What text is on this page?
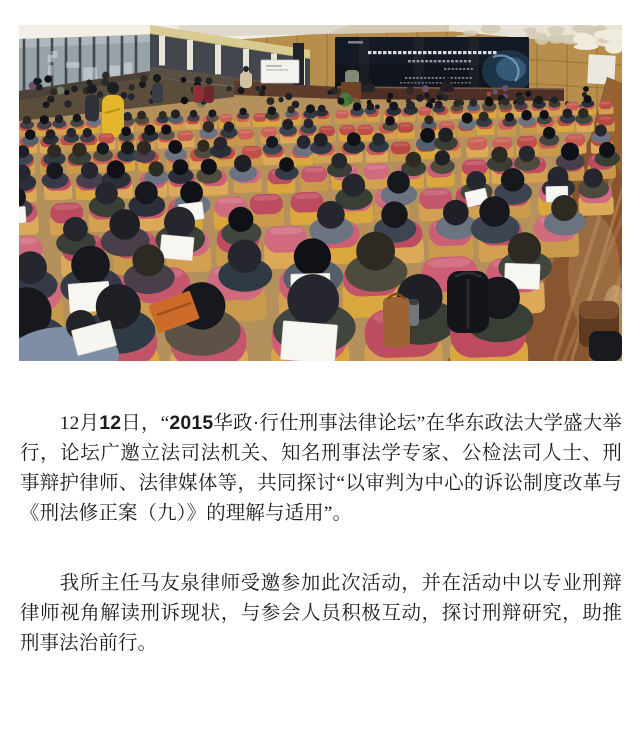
12月12日，“2015华政·行仕刑事法律论坛”在华东政法大学盛大举行，论坛广邀立法司法机关、知名刑事法学专家、公检法司人士、刑事辩护律师、法律媒体等，共同探讨“以审判为中心的诉讼制度改革与《刑法修正案（九）》的理解与适用”。

我所主任马友泉律师受邀参加此次活动，并在活动中以专业刑辩律师视角解读刑诉现状，与参会人员积极互动，探讨刑辩研究，助推刑事法治前行。
